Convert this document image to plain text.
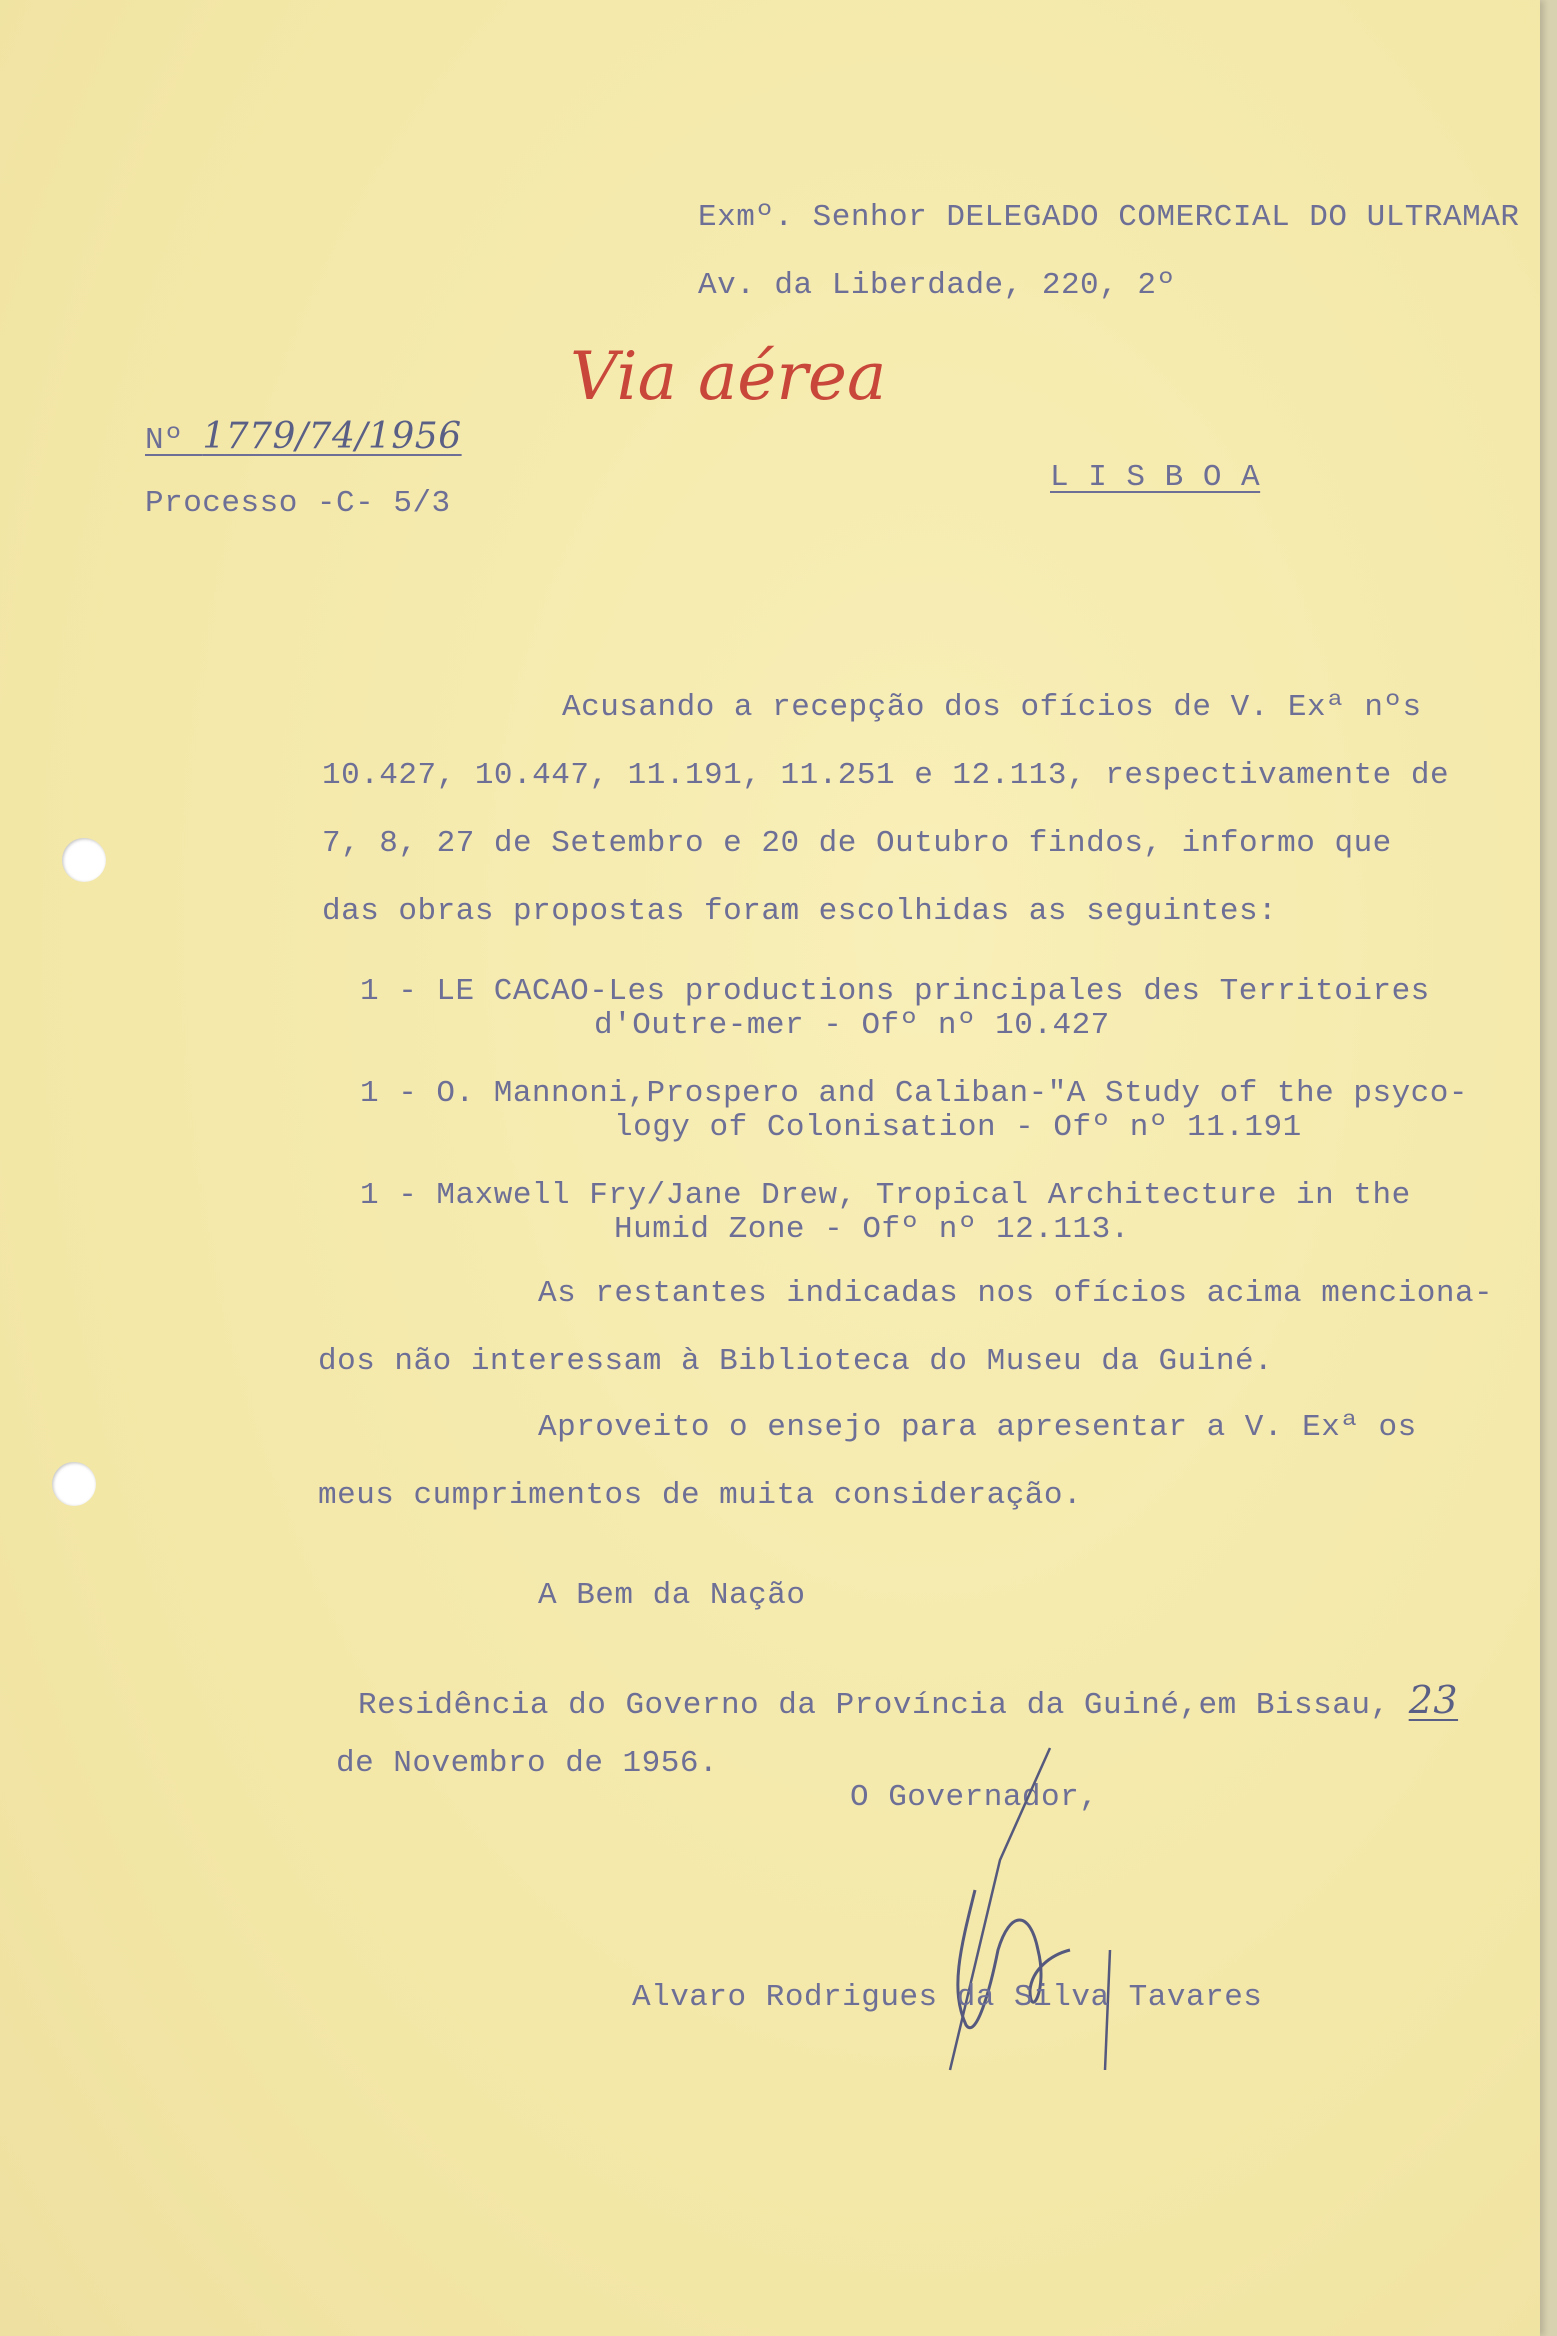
Exmº. Senhor DELEGADO COMERCIAL DO ULTRAMAR
Av. da Liberdade, 220, 2º
Via aérea
Nº 1779/74/1956
Processo -C- 5/3
L I S B O A
Acusando a recepção dos ofícios de V. Exª nºs
10.427, 10.447, 11.191, 11.251 e 12.113, respectivamente de
7, 8, 27 de Setembro e 20 de Outubro findos, informo que
das obras propostas foram escolhidas as seguintes:
1 - LE CACAO-Les productions principales des Territoires
d'Outre-mer - Ofº nº 10.427
1 - O. Mannoni,Prospero and Caliban-"A Study of the psyco-
logy of Colonisation - Ofº nº 11.191
1 - Maxwell Fry/Jane Drew, Tropical Architecture in the
Humid Zone - Ofº nº 12.113.
As restantes indicadas nos ofícios acima menciona-
dos não interessam à Biblioteca do Museu da Guiné.
Aproveito o ensejo para apresentar a V. Exª os
meus cumprimentos de muita consideração.
A Bem da Nação
Residência do Governo da Província da Guiné,em Bissau, 23
de Novembro de 1956.
O Governador,
Alvaro Rodrigues da Silva Tavares
